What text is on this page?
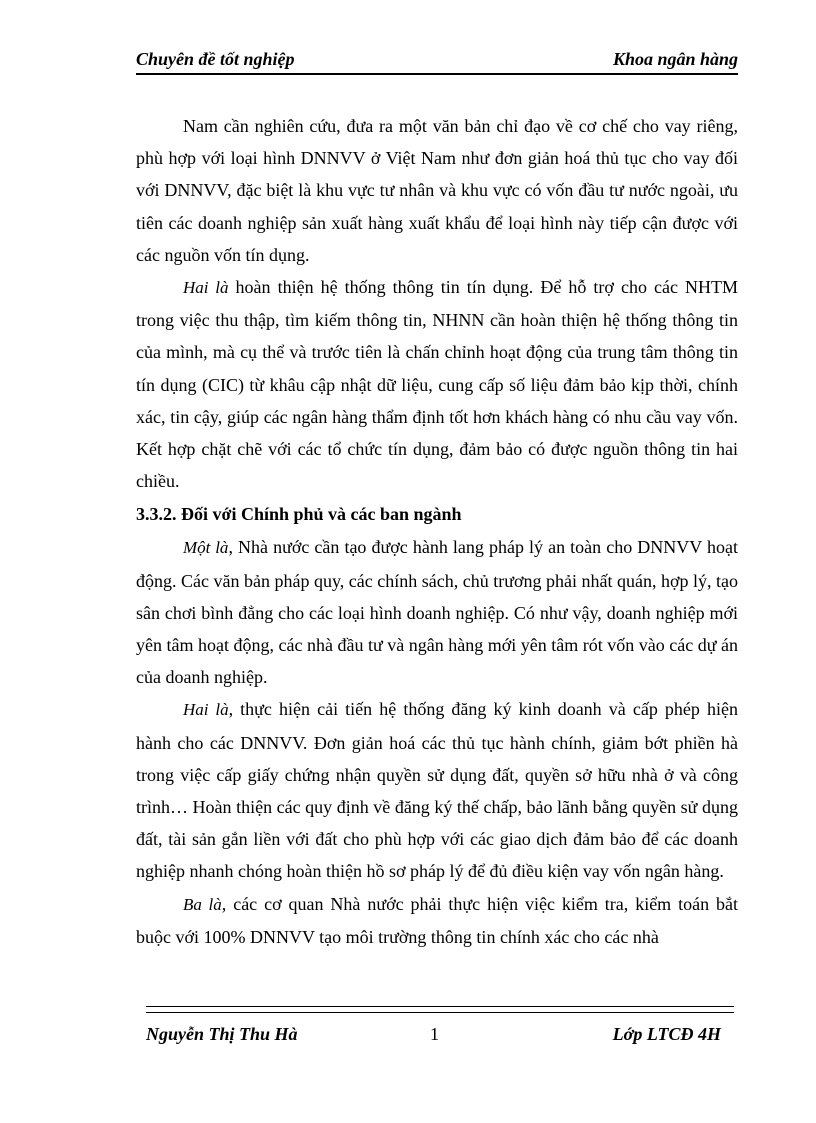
Chuyên đề tốt nghiệp	Khoa ngân hàng

Nam cần nghiên cứu, đưa ra một văn bản chỉ đạo về cơ chế cho vay riêng, phù hợp với loại hình DNNVV ở Việt Nam như đơn giản hoá thủ tục cho vay đối với DNNVV, đặc biệt là khu vực tư nhân và khu vực có vốn đầu tư nước ngoài, ưu tiên các doanh nghiệp sản xuất hàng xuất khẩu để loại hình này tiếp cận được với các nguồn vốn tín dụng.

Hai là hoàn thiện hệ thống thông tin tín dụng. Để hỗ trợ cho các NHTM trong việc thu thập, tìm kiếm thông tin, NHNN cần hoàn thiện hệ thống thông tin của mình, mà cụ thể và trước tiên là chấn chỉnh hoạt động của trung tâm thông tin tín dụng (CIC) từ khâu cập nhật dữ liệu, cung cấp số liệu đảm bảo kịp thời, chính xác, tin cậy, giúp các ngân hàng thẩm định tốt hơn khách hàng có nhu cầu vay vốn. Kết hợp chặt chẽ với các tổ chức tín dụng, đảm bảo có được nguồn thông tin hai chiều.

3.3.2. Đối với Chính phủ và các ban ngành

Một là, Nhà nước cần tạo được hành lang pháp lý an toàn cho DNNVV hoạt động. Các văn bản pháp quy, các chính sách, chủ trương phải nhất quán, hợp lý, tạo sân chơi bình đẳng cho các loại hình doanh nghiệp. Có như vậy, doanh nghiệp mới yên tâm hoạt động, các nhà đầu tư và ngân hàng mới yên tâm rót vốn vào các dự án của doanh nghiệp.

Hai là, thực hiện cải tiến hệ thống đăng ký kinh doanh và cấp phép hiện hành cho các DNNVV. Đơn giản hoá các thủ tục hành chính, giảm bớt phiền hà trong việc cấp giấy chứng nhận quyền sử dụng đất, quyền sở hữu nhà ở và công trình… Hoàn thiện các quy định về đăng ký thế chấp, bảo lãnh bằng quyền sử dụng đất, tài sản gắn liền với đất cho phù hợp với các giao dịch đảm bảo để các doanh nghiệp nhanh chóng hoàn thiện hồ sơ pháp lý để đủ điều kiện vay vốn ngân hàng.

Ba là, các cơ quan Nhà nước phải thực hiện việc kiểm tra, kiểm toán bắt buộc với 100% DNNVV tạo môi trường thông tin chính xác cho các nhà

Nguyễn Thị Thu Hà	1	Lớp LTCĐ 4H
